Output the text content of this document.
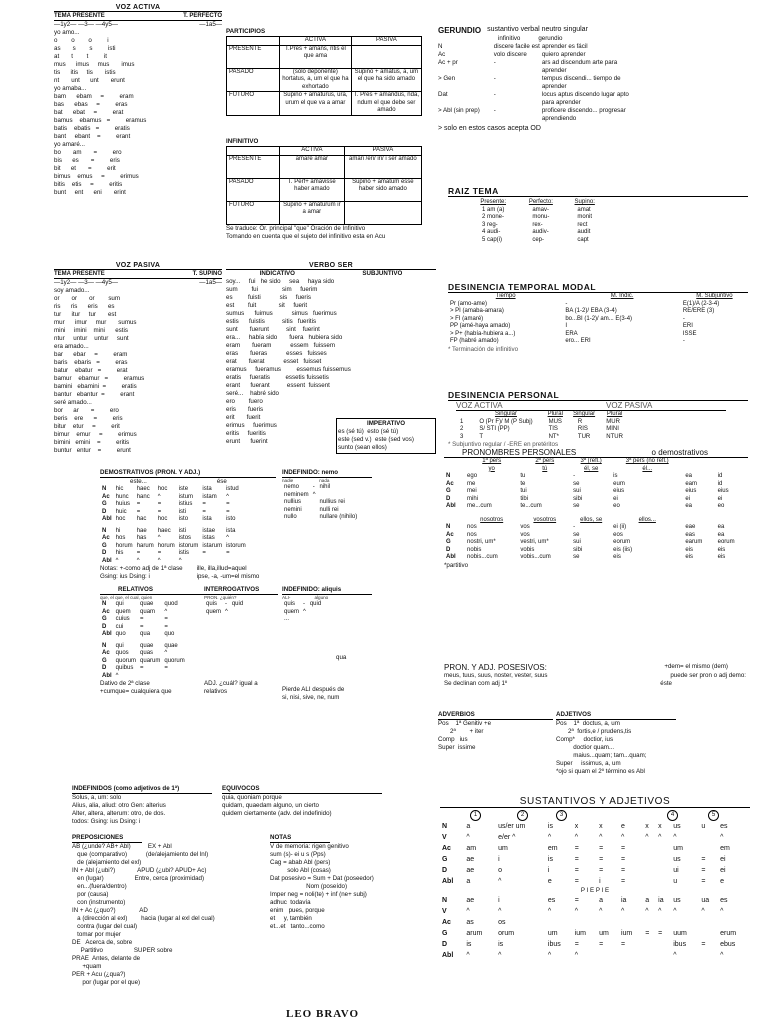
VOZ ACTIVA
TEMA PRESENTE	T. PERFECTO
—1y2— —3— —4y5—	—1a5—
yo amo...
o        o        o         i
as       s        s         isti
at       t        t         it
mus      imus     mus       imus
tis      itis     tis       istis
nt       unt      unt       erunt
yo amaba...
bam      ebam     =         eram
bas      ebas     =         eras
bat      ebat     =         erat
bamus    ebamus   =         eramus
batis    ebatis   =         eratis
bant     ebant    =         erant
yo amaré...
bo       am       =         ero
bis      es       =         eris
bit      et       =         erit
bimus    emus     =         erimus
bitis    etis     =         eritis
bunt     ent      eni       erint
VOZ PASIVA
TEMA PRESENTE	T. SUPINO
—1y2— —3— —4y5—	—1a5—
soy amado...
or       or       or        sum
ris      ris      eris      es
tur      itur     tur       est
mur      imur     mur       sumus
mini     imini    mini      estis
ntur     untur    untur     sunt
era amado...
bar      ebar     =         eram
baris    ebaris   =         eras
batur    ebatur   =         erat
bamur    ebamur   =         eramus
bamini   ebamini  =         eratis
bantur   ebantur  =         erant
seré amado...
bor      ar       =         ero
beris    ere      =         eris
bitur    etur     =         erit
bimur    emur     =         erimus
bimini   emini    =         eritis
buntur   entur    =         erunt
PARTICIPIOS
	ACTIVA	PASIVA
PRESENTE	T.Pres + amans, ntis el que ama	
PASADO	(sólo deponente) hortatus, a, um el que ha exhortado	Supino + amatus, a, um el que ha sido amado
FUTURO	Supino + amaturus, ura, urum el que va a amar	T. Pres + amandus, nda, ndum el que debe ser amado
INFINITIVO
	ACTIVA	PASIVA
PRESENTE	amare amar	amari /eri/ iri/ i ser amado
PASADO	T. Perf+ amavisse haber amado	Supino + amatum esse haber sido amado
FUTURO	Supino + amaturum ir a amar	
Se traduce: Or. principal "que" Oración de Infinitivo
Tomando en cuenta que el sujeto del infinitivo esta en Acu
VERBO SER
INDICATIVO	SUBJUNTIVO
soy...     fui   he sido     sea     haya sido
sum        fui              sim     fuerim
es         fuisti           sis     fueris
est        fuit             sit     fuerit
sumus      fuimus           simus   fuerimus
estis      fuistis          sitis   fueritis
sunt       fuerunt          sint    fuerint
era...     había sido       fuera   hubiera sido
eram       fueram           essem   fuissem
eras       fueras           esses   fuisses
erat       fuerat           esset   fuisset
eramus     fueramus         essemus fuissemus
eratis     fueratis         essetis fuissetis
erant      fuerant          essent  fuissent
seré...    habré sido
ero        fuero
eris       fueris
erit       fuerit
erimus     fuerimus
eritis     fueritis
erunt      fuerint
IMPERATIVO
es (sé tú)  esto (sé tú)
este (sed v.)  este (sed vos)
sunto (sean ellos)
GERUNDIO sustantivo verbal neutro singular
infinitivo	gerundio
N	discere facile est aprender es fácil
Ac	volo discere	quiero aprender
Ac + pr	-	ars ad discendum arte para aprender
> Gen	-	tempus discendi... tiempo de aprender
Dat	-	locus aptus discendo lugar apto para aprender
> Abl (sin prep)	-	proficere discendo... progresar aprendiendo
> solo en estos casos acepta OD
RAIZ TEMA
Presente:	Perfecto:	Supino:
1 am (a)	amav-	amat
2 mone-	monu-	monit
3 reg-	rex-	rect
4 audi-	audiv-	audit
5 cap(i)	cep-	capt
DESINENCIA TEMPORAL MODAL
Tiempo	M. Indic.	M. Subjuntivo
Pr (amo-ame)	-	E(1)/A (2-3-4)
> PI (amaba-amara)	BA (1-2)/ EBA (3-4)	RE/ERE (3)
> FI (amaré)	bo...BI (1-2)/ am... E(3-4)	-
PP (amé-haya amado)	I	ERI
> P+ (había-hubiera a...)	ERA	ISSE
FP (habré amado)	ero... ERI	-
* Terminación de infinitivo
DESINENCIA PERSONAL
VOZ ACTIVA	VOZ PASIVA
	Singular	Plural	Singular	Plural
1	O (Pr F)/ M (P Subj)	MUS	R	MUR
2	S/ STI (PP)	TIS	RIS	MINI
3	T	NT*	TUR	NTUR
* Subjuntivo regular / -ERE en pretéritos
PRONOMBRES PERSONALES	o demostrativos
	1ª pers	2ª pers	3ª (refl.)	3ª pers (no refl.)		
	yo	tú	él, se	él...		
N	ego	tu	-	is	ea	id
Ac	me	te	se	eum	eam	id
G	mei	tui	sui	eius	eius	eius
D	mihi	tibi	sibi	ei	ei	ei
Abl	me...cum	te...cum	se	eo	ea	eo

	nosotros	vosotros	ellos, se	ellos...		
N	nos	vos	-	ei (ii)	eae	ea
Ac	nos	vos	se	eos	eas	ea
G	nostri, um*	vestri, um*	sui	eorum	earum	eorum
D	nobis	vobis	sibi	eis (iis)	eis	eis
Abl	nobis...cum	vobis...cum	se	eis	eis	eis
*partitivo
PRON. Y ADJ. POSESIVOS:	+dem= el mismo (dem)
meus, tuus, suus, noster, vester, suus	puede ser pron o adj demo:
Se declinan com adj 1º	éste
ADVERBIOS
Pos    1ª Genitiv +e
2ª        + iter
Comp   ius
Super  issime
ADJETIVOS
Pos    1ª  doctus, a, um
2ª  fortis,e / prudens,tis
Comp*     doctior, ius
doctior quam...
maius...quam; tam...quam;
Super     issimus, a, um
*ojo si quam el 2º término es Abl
SUSTANTIVOS Y ADJETIVOS
1	2	3	4	5
N	a	us/er um	is	x	x	e	x	x	us	u	es
V	^	e/er ^	^	^	^	^	^	^	^		^
Ac	am	um	em	=	=	=			um		em
G	ae	i	is	=	=	=			us	=	ei
D	ae	o	i	=	=	=			ui	=	ei
Abl	a	^	e	=	i	=			u	=	e
P I E P I E											
N	ae	i	es	=	a	ia	a	ia	us	ua	es
V	^	^	^	^	^	^	^	^	^	^	^
Ac	as	os									
G	arum	orum	um	ium	um	ium	=	=	uum		erum
D	is	is	ibus	=	=	=			ibus	=	ebus
Abl	^	^	^	^					^		^
DEMOSTRATIVOS (PRON. Y ADJ.)
este...	ése
N	hic	haec	hoc	iste	ista	istud
Ac	hunc	hanc	^	istum	istam	^
G	huius	=	=	istius	=	=
D	huic	=	=	isti	=	=
Abl	hoc	hac	hoc	isto	ista	isto

N	hi	hae	haec	isti	istae	ista
Ac	hos	has	^	istos	istas	^
G	horum	harum	horum	istorum	istarum	istorum
D	his	=	=	istis	=	=
Abl	^	^	^	^		
Notas: +-como adj de 1ª clase
Gsing: ius Dsing: i
ille, illa,illud=aquel
ipse, -a, -um=el mismo
INDEFINIDO: nemo
nadie	nada
nemo	-	nihil
neminem	^	
nullius		nullius rei
nemini		nulli rei
nullo		nullare (nihilo)
RELATIVOS
que, el que, el cual, quien
N	qui	quae	quod
Ac	quem	quam	^
G	cuius	=	=
D	cui	=	=
Abl	quo	qua	quo

N	qui	quae	quae
Ac	quos	quas	^
G	quorum	quarum	quorum
D	quibus	=	=
Abl	^		
Dativo de 2ª clase
+cumque= cualquiera que
INTERROGATIVOS
PRON. ¿quién?
quis	-	quid
quem	^	

ADJ. ¿cuál? igual a relativos
INDEFINIDO: aliquis
ALI-	alguno
quis	-	quid
quem	^	
...		
qua
Pierde ALI después de
si, nisi, sive, ne, num
INDEFINIDOS (como adjetivos de 1ª)
Solus, a, um: solo
Alius, alia, aliud: otro Gen: alterius
Alter, altera, alterum: otro, de dos.
todos: Gsing: ius Dsing: i
EQUIVOCOS
quia, quoniam porque
quidam, quaedam alguno, un cierto
quidem ciertamente (adv. del indefinido)
PREPOSICIONES
AB (¿unde? AB+ Abl)          EX + Abl
que (comparativo)           (de/alejamiento del lnl)
de (alejamiento del exl)
IN + Abl (¿ubi?)             APUD (¿ubi? APUD+ Ac)
en (lugar)                  Entre, cerca (proximidad)
en...(fuera/dentro)
por (causa)
con (instrumento)
IN + Ac (¿quo?)              AD
a (dirección al exl)        hacia (lugar al exl del cual)
contra (lugar del cual)
tomar por mujer
DE   Acerca de, sobre
Partitivo                  SUPER sobre
PRAE  Antes, delante de
+quam
PER + Acu (¿qua?)
por (lugar por el que)
NOTAS
V de memoria: rigen genitivo
sum (s)- ei u s (Pps)
Cag = abab Abl (pers)
solo Abl (cosas)
Dat posesivo = Sum + Dat (poseedor)
Nom (poseído)
Imper neg = noli(te) + inf (ne+ subj)
adhuc  todavía
enim   pues, porque
et     y, también
et...et   tanto...como
LEO BRAVO
